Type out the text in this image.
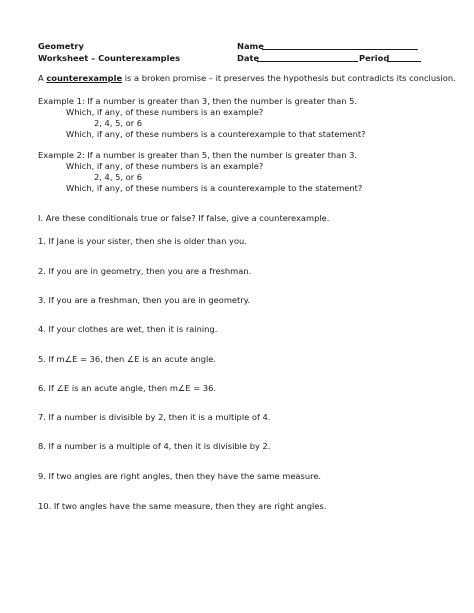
Geometry
Worksheet – Counterexamples
Name
Date	Period
A counterexample is a broken promise – it preserves the hypothesis but contradicts its conclusion.
Example 1: If a number is greater than 3, then the number is greater than 5.
Which, if any, of these numbers is an example?
2, 4, 5, or 6
Which, if any, of these numbers is a counterexample to that statement?
Example 2: If a number is greater than 5, then the number is greater than 3.
Which, if any, of these numbers is an example?
2, 4, 5, or 6
Which, if any, of these numbers is a counterexample to the statement?
I. Are these conditionals true or false? If false, give a counterexample.
1. If Jane is your sister, then she is older than you.
2. If you are in geometry, then you are a freshman.
3. If you are a freshman, then you are in geometry.
4. If your clothes are wet, then it is raining.
5. If m∠E = 36, then ∠E is an acute angle.
6. If ∠E is an acute angle, then m∠E = 36.
7. If a number is divisible by 2, then it is a multiple of 4.
8. If a number is a multiple of 4, then it is divisible by 2.
9. If two angles are right angles, then they have the same measure.
10. If two angles have the same measure, then they are right angles.
